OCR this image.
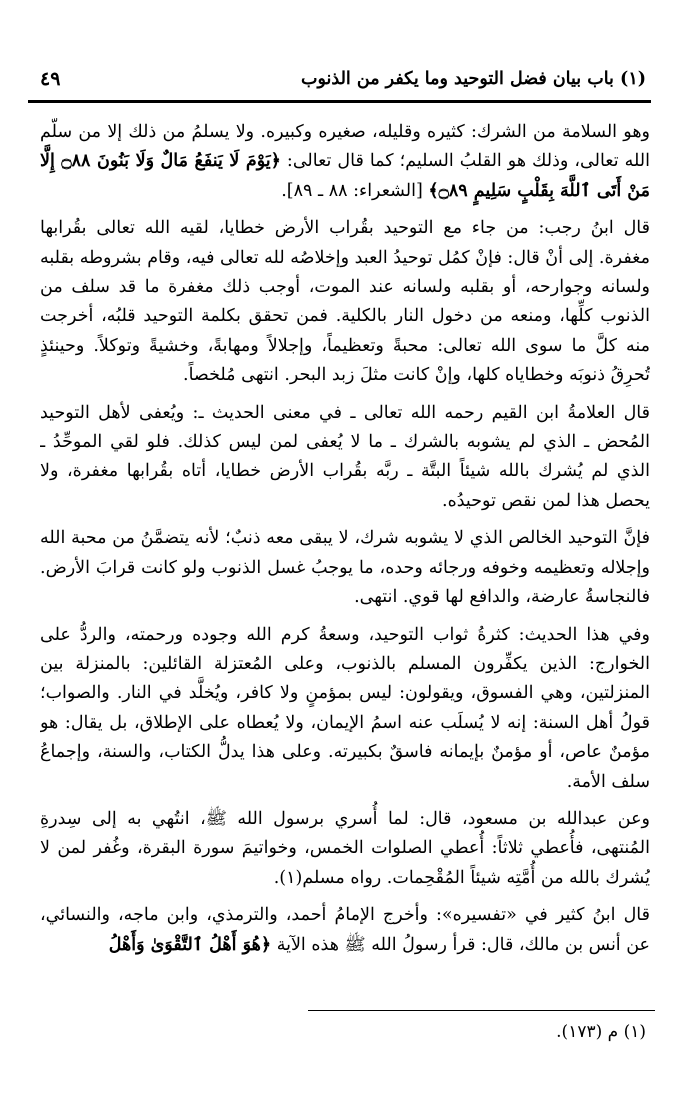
(١) باب بيان فضل التوحيد وما يكفر من الذنوب
٤٩

وهو السلامة من الشرك: كثيره وقليله، صغيره وكبيره. ولا يسلمُ من ذلك إلا من سلَّم الله تعالى، وذلك هو القلبُ السليم؛ كما قال تعالى: ﴿يَوْمَ لَا يَنفَعُ مَالٌ وَلَا بَنُونَ ۝٨٨ إِلَّا مَنْ أَتَى ٱللَّهَ بِقَلْبٍ سَلِيمٍ ۝٨٩﴾ [الشعراء: ٨٨ ـ ٨٩].

قال ابنُ رجب: من جاء مع التوحيد بقُراب الأرض خطايا، لقيه الله تعالى بقُرابها مغفرة. إلى أنْ قال: فإنْ كمُل توحيدُ العبد وإخلاصُه لله تعالى فيه، وقام بشروطه بقلبه ولسانه وجوارحه، أو بقلبه ولسانه عند الموت، أوجب ذلك مغفرة ما قد سلف من الذنوب كلِّها، ومنعه من دخول النار بالكلية. فمن تحقق بكلمة التوحيد قلبُه، أخرجت منه كلَّ ما سوى الله تعالى: محبةً وتعظيماً، وإجلالاً ومهابةً، وخشيةً وتوكلاً. وحينئذٍ تُحرِقُ ذنوبَه وخطاياه كلها، وإنْ كانت مثلَ زبد البحر. انتهى مُلخصاً.

قال العلامةُ ابن القيم رحمه الله تعالى ـ في معنى الحديث ـ: ويُعفى لأهل التوحيد المُحض ـ الذي لم يشوبه بالشرك ـ ما لا يُعفى لمن ليس كذلك. فلو لقي الموحِّدُ ـ الذي لم يُشرك بالله شيئاً البتَّة ـ ربَّه بقُراب الأرض خطايا، أتاه بقُرابها مغفرة، ولا يحصل هذا لمن نقص توحيدُه.

فإنَّ التوحيد الخالص الذي لا يشوبه شرك، لا يبقى معه ذنبٌ؛ لأنه يتضمَّنُ من محبة الله وإجلاله وتعظيمه وخوفه ورجائه وحده، ما يوجبُ غسل الذنوب ولو كانت قرابَ الأرض. فالنجاسةُ عارضة، والدافع لها قوي. انتهى.

وفي هذا الحديث: كثرةُ ثواب التوحيد، وسعةُ كرم الله وجوده ورحمته، والردُّ على الخوارج: الذين يكفِّرون المسلم بالذنوب، وعلى المُعتزلة القائلين: بالمنزلة بين المنزلتين، وهي الفسوق، ويقولون: ليس بمؤمنٍ ولا كافر، ويُخلَّد في النار. والصواب؛ قولُ أهل السنة: إنه لا يُسلَب عنه اسمُ الإيمان، ولا يُعطاه على الإطلاق، بل يقال: هو مؤمنٌ عاص، أو مؤمنٌ بإيمانه فاسقٌ بكبيرته. وعلى هذا يدلُّ الكتاب، والسنة، وإجماعُ سلف الأمة.

وعن عبدالله بن مسعود، قال: لما أُسري برسول الله ﷺ، انتُهي به إلى سِدرةِ المُنتهى، فأُعطي ثلاثاً: أُعطي الصلوات الخمس، وخواتيمَ سورة البقرة، وغُفر لمن لا يُشرك بالله من أُمَّتِه شيئاً المُقْحِمات. رواه مسلم(١).

قال ابنُ كثير في «تفسيره»: وأخرج الإمامُ أحمد، والترمذي، وابن ماجه، والنسائي، عن أنس بن مالك، قال: قرأ رسولُ الله ﷺ هذه الآية ﴿هُوَ أَهْلُ ٱلتَّقْوَىٰ وَأَهْلُ

(١) م (١٧٣).
